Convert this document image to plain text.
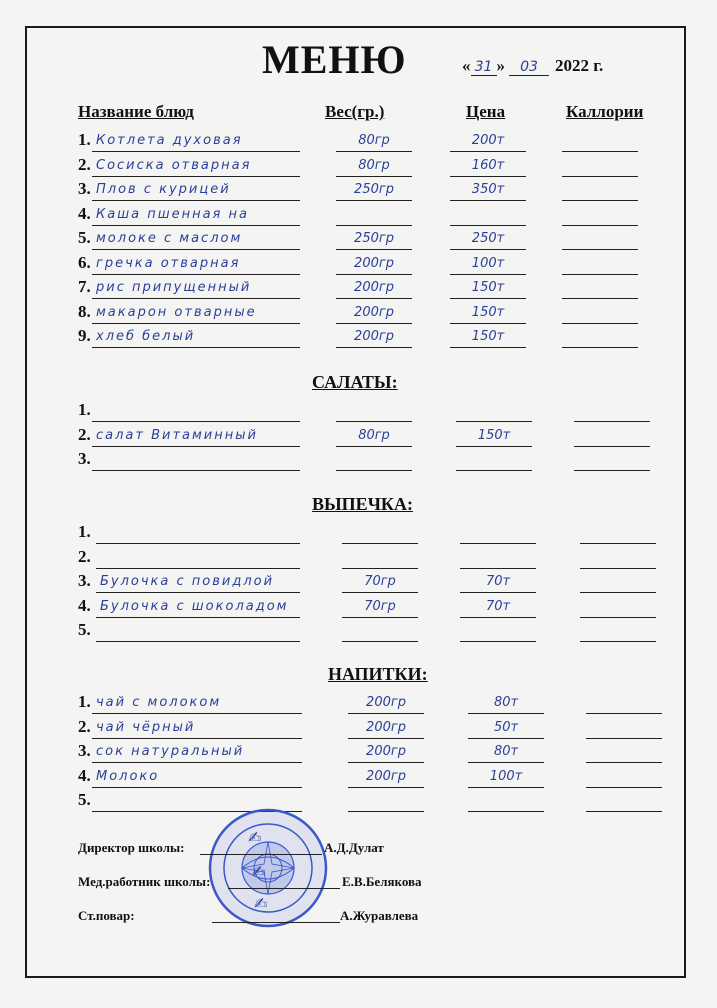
МЕНЮ	« 31 » 03 2022 г.
Название блюд	Вес(гр.)	Цена	Каллории
1. Котлета духовая	80гр	200т
2. Сосиска отварная	80гр	160т
3. Плов с курицей	250гр	350т
4. Каша пшенная на
5. молоке с маслом	250гр	250т
6. гречка отварная	200гр	100т
7. рис припущенный	200гр	150т
8. макарон отварные	200гр	150т
9. хлеб белый	200гр	150т
САЛАТЫ:
1.
2. салат Витаминный	80гр	150т
3.
ВЫПЕЧКА:
1.
2.
3. Булочка с повидлой	70гр	70т
4. Булочка с шоколадом	70гр	70т
5.
НАПИТКИ:
1. чай с молоком	200гр	80т
2. чай чёрный	200гр	50т
3. сок натуральный	200гр	80т
4. Молоко	200гр	100т
5.
Директор школы:
✍
А.Д.Дулат
Мед.работник школы:
✍
Е.В.Белякова
Ст.повар:
✍
А.Журавлева
